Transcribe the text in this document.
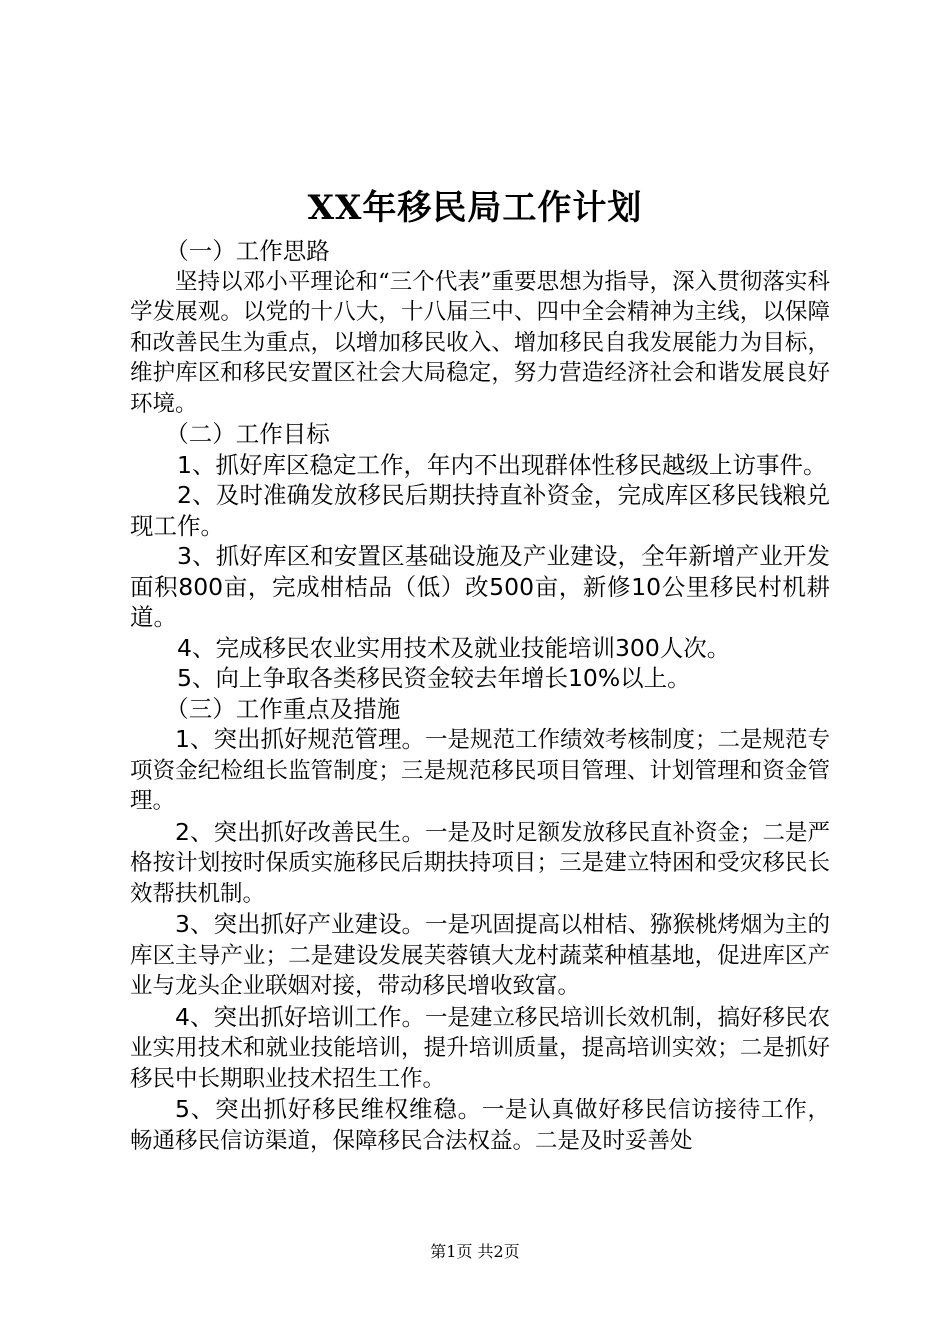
XX年移民局工作计划

（一）工作思路

坚持以邓小平理论和“三个代表”重要思想为指导，深入贯彻落实科学发展观。以党的十八大，十八届三中、四中全会精神为主线，以保障和改善民生为重点，以增加移民收入、增加移民自我发展能力为目标，维护库区和移民安置区社会大局稳定，努力营造经济社会和谐发展良好环境。

（二）工作目标

1、抓好库区稳定工作，年内不出现群体性移民越级上访事件。

2、及时准确发放移民后期扶持直补资金，完成库区移民钱粮兑现工作。

3、抓好库区和安置区基础设施及产业建设，全年新增产业开发面积800亩，完成柑桔品（低）改500亩，新修10公里移民村机耕道。

4、完成移民农业实用技术及就业技能培训300人次。

5、向上争取各类移民资金较去年增长10%以上。

（三）工作重点及措施

1、突出抓好规范管理。一是规范工作绩效考核制度；二是规范专项资金纪检组长监管制度；三是规范移民项目管理、计划管理和资金管理。

2、突出抓好改善民生。一是及时足额发放移民直补资金；二是严格按计划按时保质实施移民后期扶持项目；三是建立特困和受灾移民长效帮扶机制。

3、突出抓好产业建设。一是巩固提高以柑桔、猕猴桃烤烟为主的库区主导产业；二是建设发展芙蓉镇大龙村蔬菜种植基地，促进库区产业与龙头企业联姻对接，带动移民增收致富。

4、突出抓好培训工作。一是建立移民培训长效机制，搞好移民农业实用技术和就业技能培训，提升培训质量，提高培训实效；二是抓好移民中长期职业技术招生工作。

5、突出抓好移民维权维稳。一是认真做好移民信访接待工作，畅通移民信访渠道，保障移民合法权益。二是及时妥善处

第1页 共2页
